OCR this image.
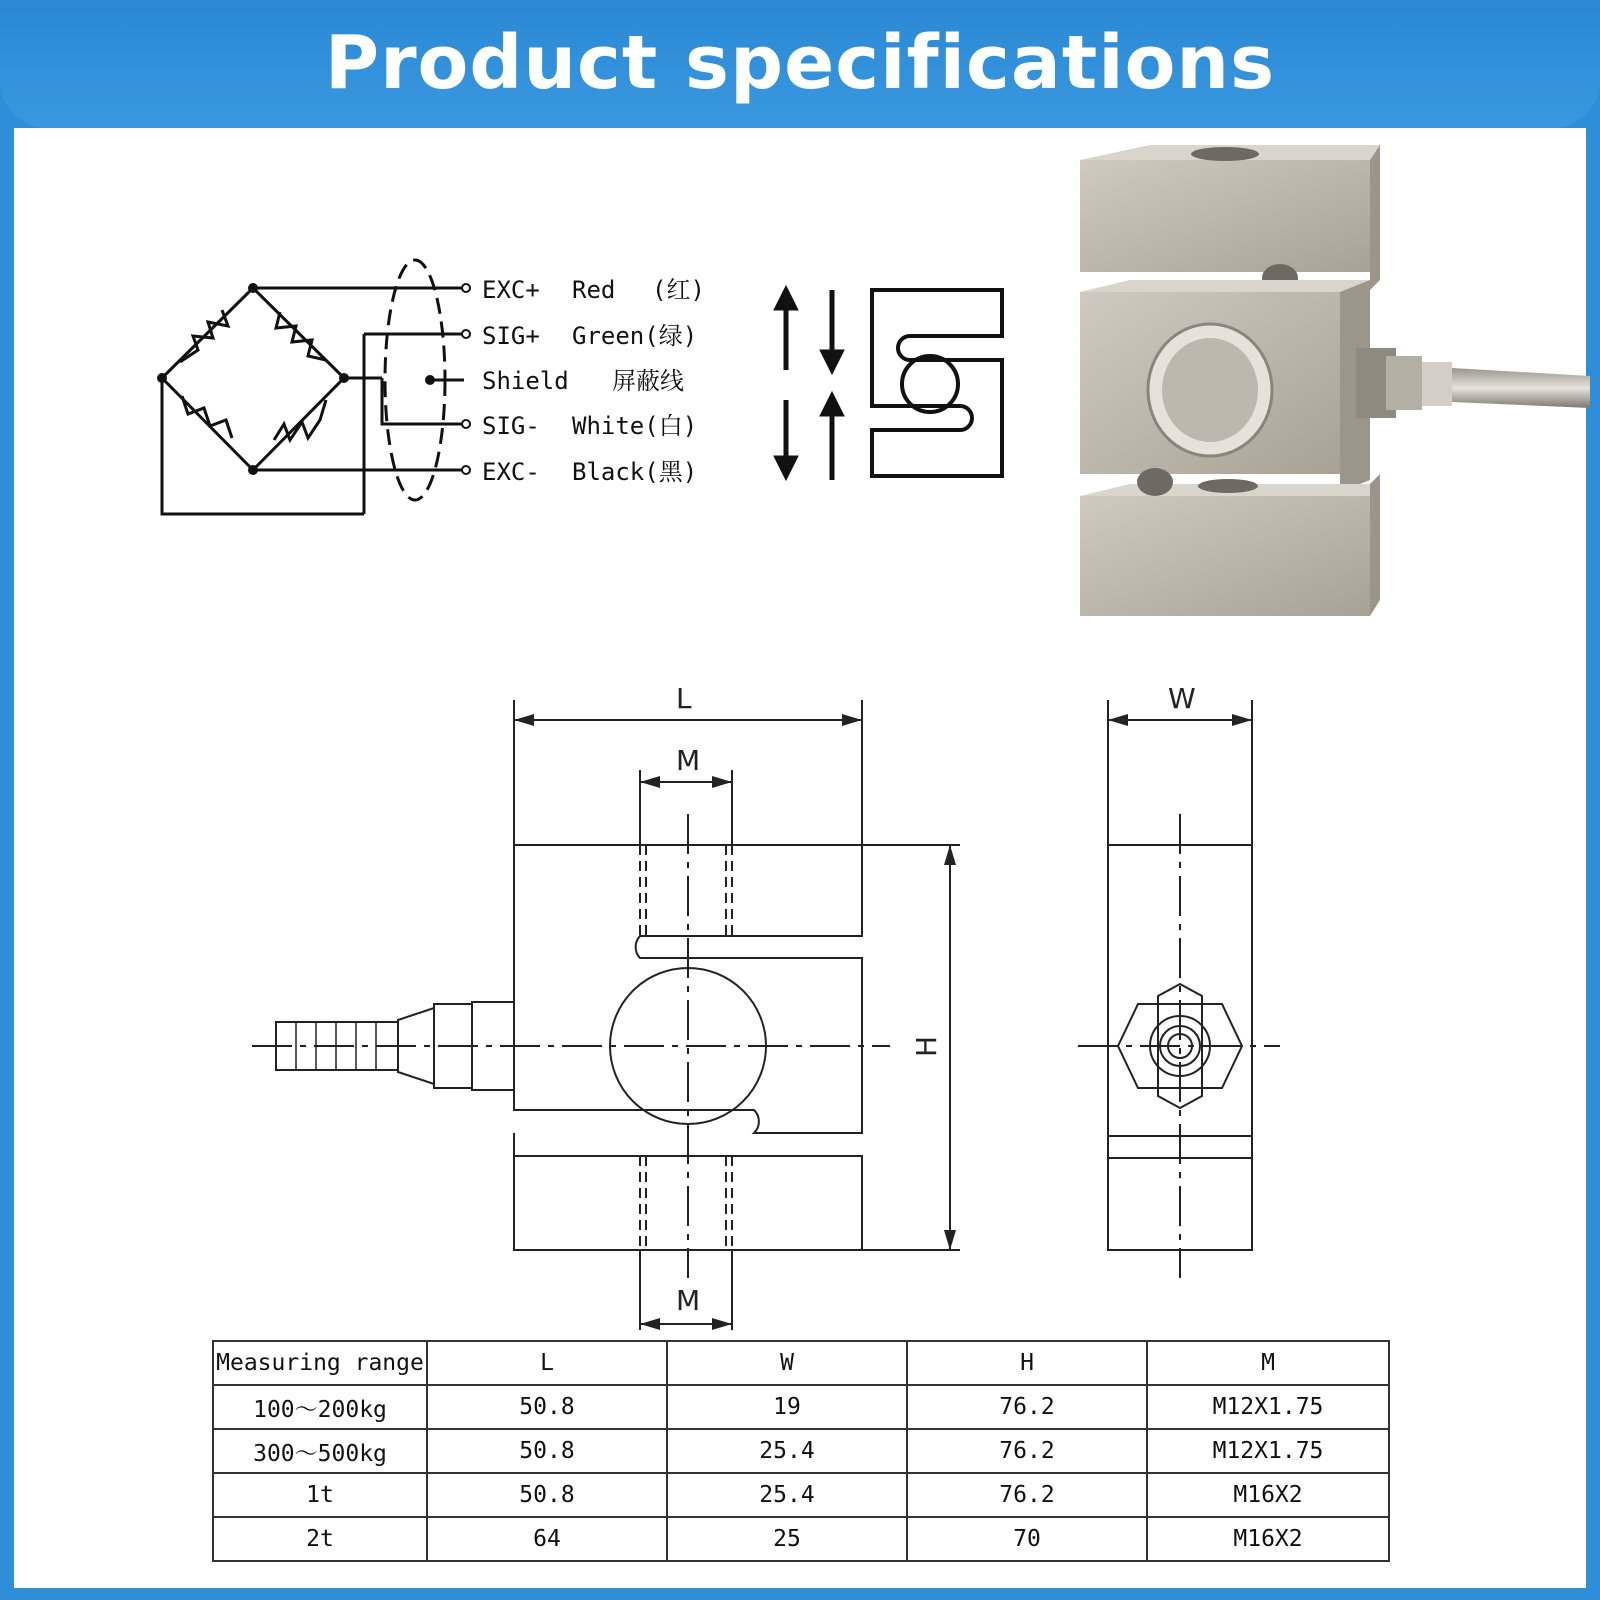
Product specifications
EXC+ Red (红)
SIG+ Green(绿)
Shield 屏蔽线
SIG- White(白)
EXC- Black(黑)
L
M
M
W
H
Measuring range	L	W	H	M
100～200kg	50.8	19	76.2	M12X1.75
300～500kg	50.8	25.4	76.2	M12X1.75
1t	50.8	25.4	76.2	M16X2
2t	64	25	70	M16X2
